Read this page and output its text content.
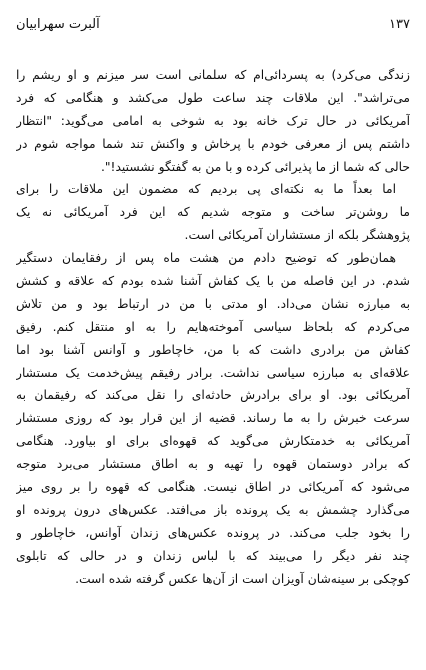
آلبرت سهرابیان	۱۳۷
زندگی می‌کرد) به پسردائی‌ام که سلمانی است سر میزنم و او ریشم را
می‌تراشد". این ملاقات چند ساعت طول می‌کشد و هنگامی که فرد
آمریکائی در حال ترک خانه بود به شوخی به امامی می‌گوید: "انتظار
داشتم پس از معرفی خودم با پرخاش و واکنش تند شما مواجه شوم در
حالی که شما از ما پذیرائی کرده و با من به گفتگو نشستید!".
اما بعداً ما به نکته‌ای پی بردیم که مضمون این ملاقات را برای
ما روشن‌تر ساخت و متوجه شدیم که این فرد آمریکائی نه یک
پژوهشگر بلکه از مستشاران آمریکائی است.
همان‌طور که توضیح دادم من هشت ماه پس از رفقایمان دستگیر
شدم. در این فاصله من با یک کفاش آشنا شده بودم که علاقه و کشش
به مبارزه نشان می‌داد. او مدتی با من در ارتباط بود و من تلاش
می‌کردم که بلحاظ سیاسی آموخته‌هایم را به او منتقل کنم. رفیق
کفاش من برادری داشت که با من، خاچاطور و آوانس آشنا بود اما
علاقه‌ای به مبارزه سیاسی نداشت. برادر رفیقم پیش‌خدمت یک مستشار
آمریکائی بود. او برای برادرش حادثه‌ای را نقل می‌کند که رفیقمان به
سرعت خبرش را به ما رساند. قضیه از این قرار بود که روزی مستشار
آمریکائی به خدمتکارش می‌گوید که قهوه‌ای برای او بیاورد. هنگامی
که برادر دوستمان قهوه را تهیه و به اطاق مستشار می‌برد متوجه
می‌شود که آمریکائی در اطاق نیست. هنگامی که قهوه را بر روی میز
می‌گذارد چشمش به یک پرونده باز می‌افتد. عکس‌های درون پرونده او
را بخود جلب می‌کند. در پرونده عکس‌های زندان آوانس، خاچاطور و
چند نفر دیگر را می‌بیند که با لباس زندان و در حالی که تابلوی
کوچکی بر سینه‌شان آویزان است از آن‌ها عکس گرفته شده است.
